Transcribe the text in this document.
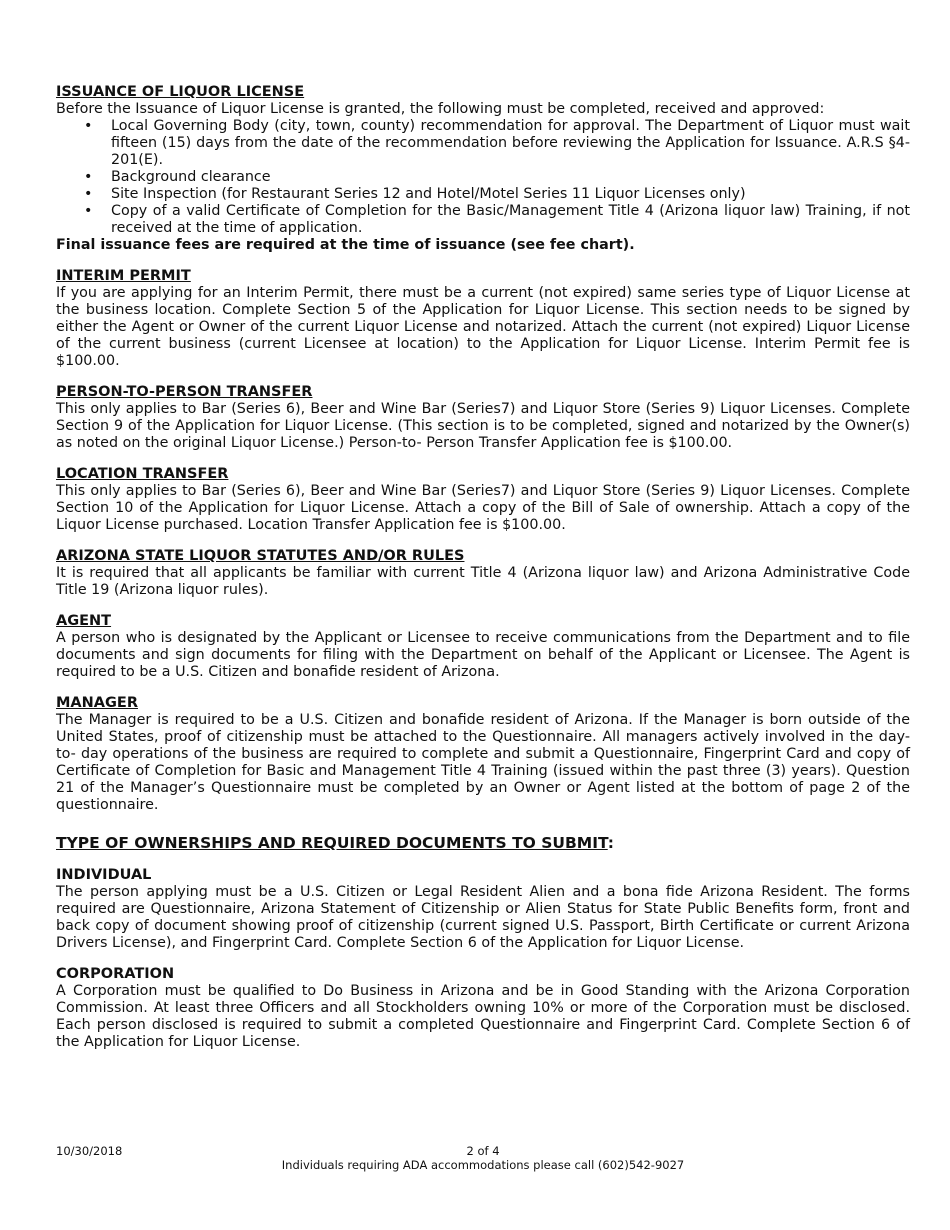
ISSUANCE OF LIQUOR LICENSE

Before the Issuance of Liquor License is granted, the following must be completed, received and approved:

• Local Governing Body (city, town, county) recommendation for approval. The Department of Liquor must wait fifteen (15) days from the date of the recommendation before reviewing the Application for Issuance. A.R.S §4-201(E).
• Background clearance
• Site Inspection (for Restaurant Series 12 and Hotel/Motel Series 11 Liquor Licenses only)
• Copy of a valid Certificate of Completion for the Basic/Management Title 4 (Arizona liquor law) Training, if not received at the time of application.
Final issuance fees are required at the time of issuance (see fee chart).
INTERIM PERMIT

If you are applying for an Interim Permit, there must be a current (not expired) same series type of Liquor License at the business location. Complete Section 5 of the Application for Liquor License. This section needs to be signed by either the Agent or Owner of the current Liquor License and notarized. Attach the current (not expired) Liquor License of the current business (current Licensee at location) to the Application for Liquor License. Interim Permit fee is $100.00.

PERSON-TO-PERSON TRANSFER

This only applies to Bar (Series 6), Beer and Wine Bar (Series7) and Liquor Store (Series 9) Liquor Licenses. Complete Section 9 of the Application for Liquor License. (This section is to be completed, signed and notarized by the Owner(s) as noted on the original Liquor License.) Person-to- Person Transfer Application fee is $100.00.

LOCATION TRANSFER

This only applies to Bar (Series 6), Beer and Wine Bar (Series7) and Liquor Store (Series 9) Liquor Licenses. Complete Section 10 of the Application for Liquor License. Attach a copy of the Bill of Sale of ownership. Attach a copy of the Liquor License purchased. Location Transfer Application fee is $100.00.

ARIZONA STATE LIQUOR STATUTES AND/OR RULES

It is required that all applicants be familiar with current Title 4 (Arizona liquor law) and Arizona Administrative Code Title 19 (Arizona liquor rules).

AGENT

A person who is designated by the Applicant or Licensee to receive communications from the Department and to file documents and sign documents for filing with the Department on behalf of the Applicant or Licensee. The Agent is required to be a U.S. Citizen and bonafide resident of Arizona.

MANAGER

The Manager is required to be a U.S. Citizen and bonafide resident of Arizona. If the Manager is born outside of the United States, proof of citizenship must be attached to the Questionnaire. All managers actively involved in the day-to- day operations of the business are required to complete and submit a Questionnaire, Fingerprint Card and copy of Certificate of Completion for Basic and Management Title 4 Training (issued within the past three (3) years). Question 21 of the Manager’s Questionnaire must be completed by an Owner or Agent listed at the bottom of page 2 of the questionnaire.

TYPE OF OWNERSHIPS AND REQUIRED DOCUMENTS TO SUBMIT:
INDIVIDUAL

The person applying must be a U.S. Citizen or Legal Resident Alien and a bona fide Arizona Resident. The forms required are Questionnaire, Arizona Statement of Citizenship or Alien Status for State Public Benefits form, front and back copy of document showing proof of citizenship (current signed U.S. Passport, Birth Certificate or current Arizona Drivers License), and Fingerprint Card. Complete Section 6 of the Application for Liquor License.

CORPORATION

A Corporation must be qualified to Do Business in Arizona and be in Good Standing with the Arizona Corporation Commission. At least three Officers and all Stockholders owning 10% or more of the Corporation must be disclosed. Each person disclosed is required to submit a completed Questionnaire and Fingerprint Card. Complete Section 6 of the Application for Liquor License.

10/30/2018	2 of 4
Individuals requiring ADA accommodations please call (602)542-9027
